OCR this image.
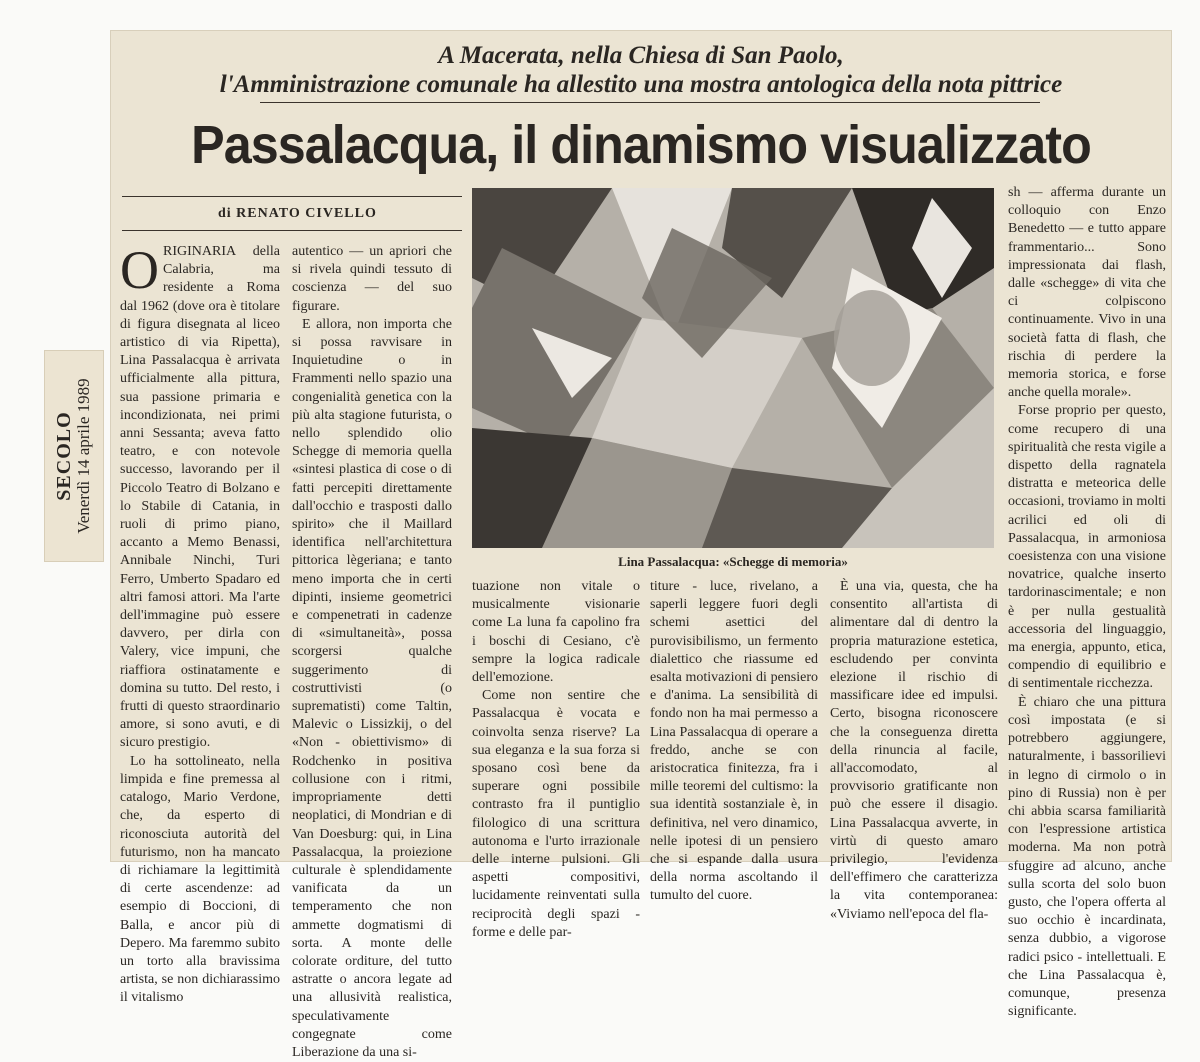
SECOLO Venerdì 14 aprile 1989
A Macerata, nella Chiesa di San Paolo,
l'Amministrazione comunale ha allestito una mostra antologica della nota pittrice
Passalacqua, il dinamismo visualizzato
di RENATO CIVELLO

O RIGINARIA della Calabria, ma residente a Roma dal 1962 (dove ora è titolare di figura disegnata al liceo artistico di via Ripetta), Lina Passalacqua è arrivata ufficialmente alla pittura, sua passione primaria e incondizionata, nei primi anni Sessanta; aveva fatto teatro, e con notevole successo, lavorando per il Piccolo Teatro di Bolzano e lo Stabile di Catania, in ruoli di primo piano, accanto a Memo Benassi, Annibale Ninchi, Turi Ferro, Umberto Spadaro ed altri famosi attori. Ma l'arte dell'immagine può essere davvero, per dirla con Valery, vice impuni, che riaffiora ostinatamente e domina su tutto. Del resto, i frutti di questo straordinario amore, si sono avuti, e di sicuro prestigio.

Lo ha sottolineato, nella limpida e fine premessa al catalogo, Mario Verdone, che, da esperto di riconosciuta autorità del futurismo, non ha mancato di richiamare la legittimità di certe ascendenze: ad esempio di Boccioni, di Balla, e ancor più di Depero. Ma faremmo subito un torto alla bravissima artista, se non dichiarassimo il vitalismo

autentico — un apriori che si rivela quindi tessuto di coscienza — del suo figurare.

E allora, non importa che si possa ravvisare in Inquietudine o in Frammenti nello spazio una congenialità genetica con la più alta stagione futurista, o nello splendido olio Schegge di memoria quella «sintesi plastica di cose o di fatti percepiti direttamente dall'occhio e trasposti dallo spirito» che il Maillard identifica nell'architettura pittorica lègeriana; e tanto meno importa che in certi dipinti, insieme geometrici e compenetrati in cadenze di «simultaneità», possa scorgersi qualche suggerimento di costruttivisti (o suprematisti) come Taltin, Malevic o Lissizkij, o del «Non - obiettivismo» di Rodchenko in positiva collusione con i ritmi, impropriamente detti neoplatici, di Mondrian e di Van Doesburg: qui, in Lina Passalacqua, la proiezione culturale è splendidamente vanificata da un temperamento che non ammette dogmatismi di sorta. A monte delle colorate orditure, del tutto astratte o ancora legate ad una allusività realistica, speculativamente congegnate come Liberazione da una si-

Lina Passalacqua: «Schegge di memoria»

tuazione non vitale o musicalmente visionarie come La luna fa capolino fra i boschi di Cesiano, c'è sempre la logica radicale dell'emozione.

Come non sentire che Passalacqua è vocata e coinvolta senza riserve? La sua eleganza e la sua forza si sposano così bene da superare ogni possibile contrasto fra il puntiglio filologico di una scrittura autonoma e l'urto irrazionale delle interne pulsioni. Gli aspetti compositivi, lucidamente reinventati sulla reciprocità degli spazi - forme e delle par-

titure - luce, rivelano, a saperli leggere fuori degli schemi asettici del purovisibilismo, un fermento dialettico che riassume ed esalta motivazioni di pensiero e d'anima. La sensibilità di fondo non ha mai permesso a Lina Passalacqua di operare a freddo, anche se con aristocratica finitezza, fra i mille teoremi del cultismo: la sua identità sostanziale è, in definitiva, nel vero dinamico, nelle ipotesi di un pensiero che si espande dalla usura della norma ascoltando il tumulto del cuore.

È una via, questa, che ha consentito all'artista di alimentare dal di dentro la propria maturazione estetica, escludendo per convinta elezione il rischio di massificare idee ed impulsi. Certo, bisogna riconoscere che la conseguenza diretta della rinuncia al facile, all'accomodato, al provvisorio gratificante non può che essere il disagio. Lina Passalacqua avverte, in virtù di questo amaro privilegio, l'evidenza dell'effimero che caratterizza la vita contemporanea: «Viviamo nell'epoca del fla-

sh — afferma durante un colloquio con Enzo Benedetto — e tutto appare frammentario... Sono impressionata dai flash, dalle «schegge» di vita che ci colpiscono continuamente. Vivo in una società fatta di flash, che rischia di perdere la memoria storica, e forse anche quella morale».

Forse proprio per questo, come recupero di una spiritualità che resta vigile a dispetto della ragnatela distratta e meteorica delle occasioni, troviamo in molti acrilici ed oli di Passalacqua, in armoniosa coesistenza con una visione novatrice, qualche inserto tardorinascimentale; e non è per nulla gestualità accessoria del linguaggio, ma energia, appunto, etica, compendio di equilibrio e di sentimentale ricchezza.

È chiaro che una pittura così impostata (e si potrebbero aggiungere, naturalmente, i bassorilievi in legno di cirmolo o in pino di Russia) non è per chi abbia scarsa familiarità con l'espressione artistica moderna. Ma non potrà sfuggire ad alcuno, anche sulla scorta del solo buon gusto, che l'opera offerta al suo occhio è incardinata, senza dubbio, a vigorose radici psico - intellettuali. E che Lina Passalacqua è, comunque, presenza significante.
